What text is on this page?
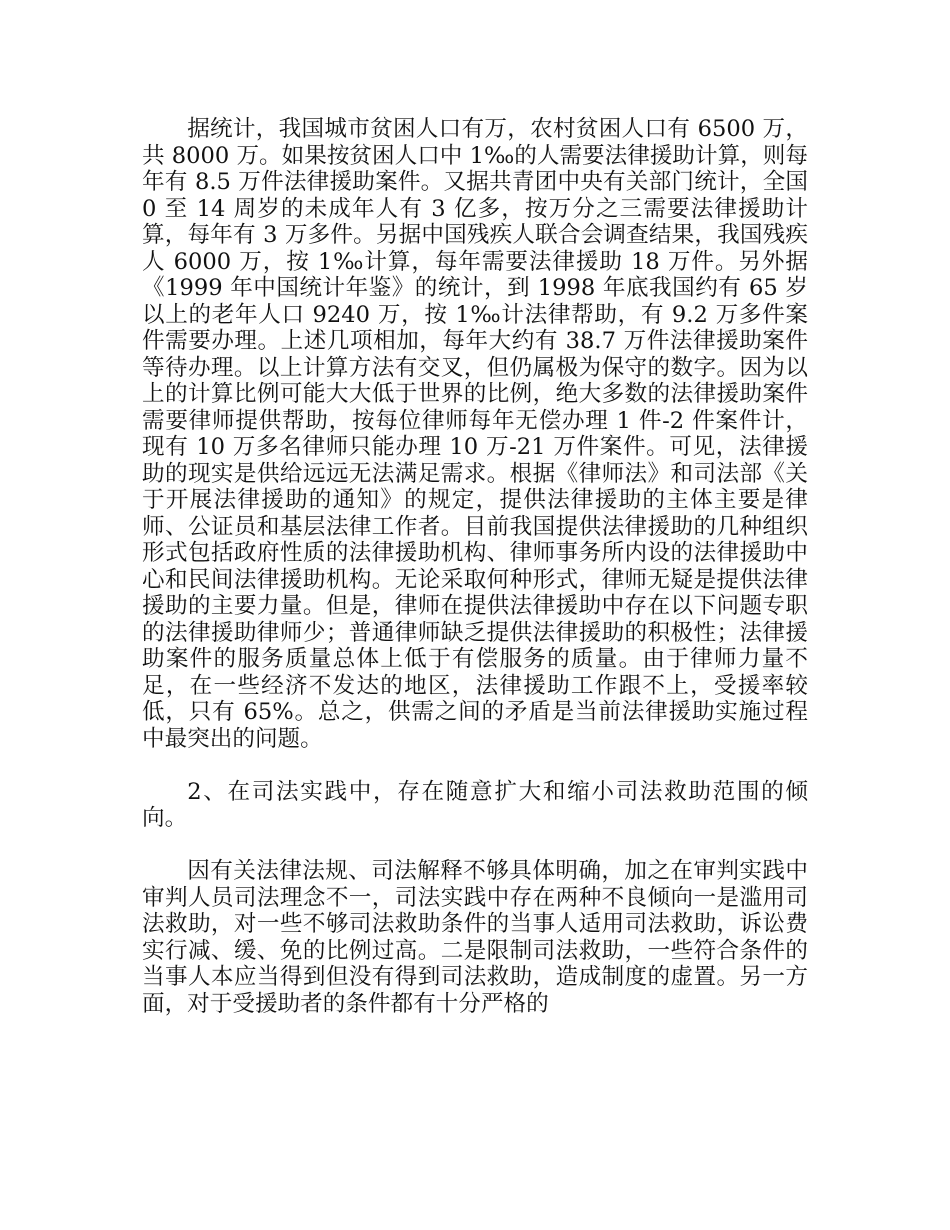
据统计，我国城市贫困人口有万，农村贫困人口有 6500 万，共 8000 万。如果按贫困人口中 1‰的人需要法律援助计算，则每年有 8.5 万件法律援助案件。又据共青团中央有关部门统计，全国 0 至 14 周岁的未成年人有 3 亿多，按万分之三需要法律援助计算，每年有 3 万多件。另据中国残疾人联合会调查结果，我国残疾人 6000 万，按 1‰计算，每年需要法律援助 18 万件。另外据《1999 年中国统计年鉴》的统计，到 1998 年底我国约有 65 岁以上的老年人口 9240 万，按 1‰计法律帮助，有 9.2 万多件案件需要办理。上述几项相加，每年大约有 38.7 万件法律援助案件等待办理。以上计算方法有交叉，但仍属极为保守的数字。因为以上的计算比例可能大大低于世界的比例，绝大多数的法律援助案件需要律师提供帮助，按每位律师每年无偿办理 1 件-2 件案件计，现有 10 万多名律师只能办理 10 万-21 万件案件。可见，法律援助的现实是供给远远无法满足需求。根据《律师法》和司法部《关于开展法律援助的通知》的规定，提供法律援助的主体主要是律师、公证员和基层法律工作者。目前我国提供法律援助的几种组织形式包括政府性质的法律援助机构、律师事务所内设的法律援助中心和民间法律援助机构。无论采取何种形式，律师无疑是提供法律援助的主要力量。但是，律师在提供法律援助中存在以下问题专职的法律援助律师少；普通律师缺乏提供法律援助的积极性；法律援助案件的服务质量总体上低于有偿服务的质量。由于律师力量不足，在一些经济不发达的地区，法律援助工作跟不上，受援率较低，只有 65%。总之，供需之间的矛盾是当前法律援助实施过程中最突出的问题。

2、在司法实践中，存在随意扩大和缩小司法救助范围的倾向。

因有关法律法规、司法解释不够具体明确，加之在审判实践中审判人员司法理念不一，司法实践中存在两种不良倾向一是滥用司法救助，对一些不够司法救助条件的当事人适用司法救助，诉讼费实行减、缓、免的比例过高。二是限制司法救助，一些符合条件的当事人本应当得到但没有得到司法救助，造成制度的虚置。另一方面，对于受援助者的条件都有十分严格的
